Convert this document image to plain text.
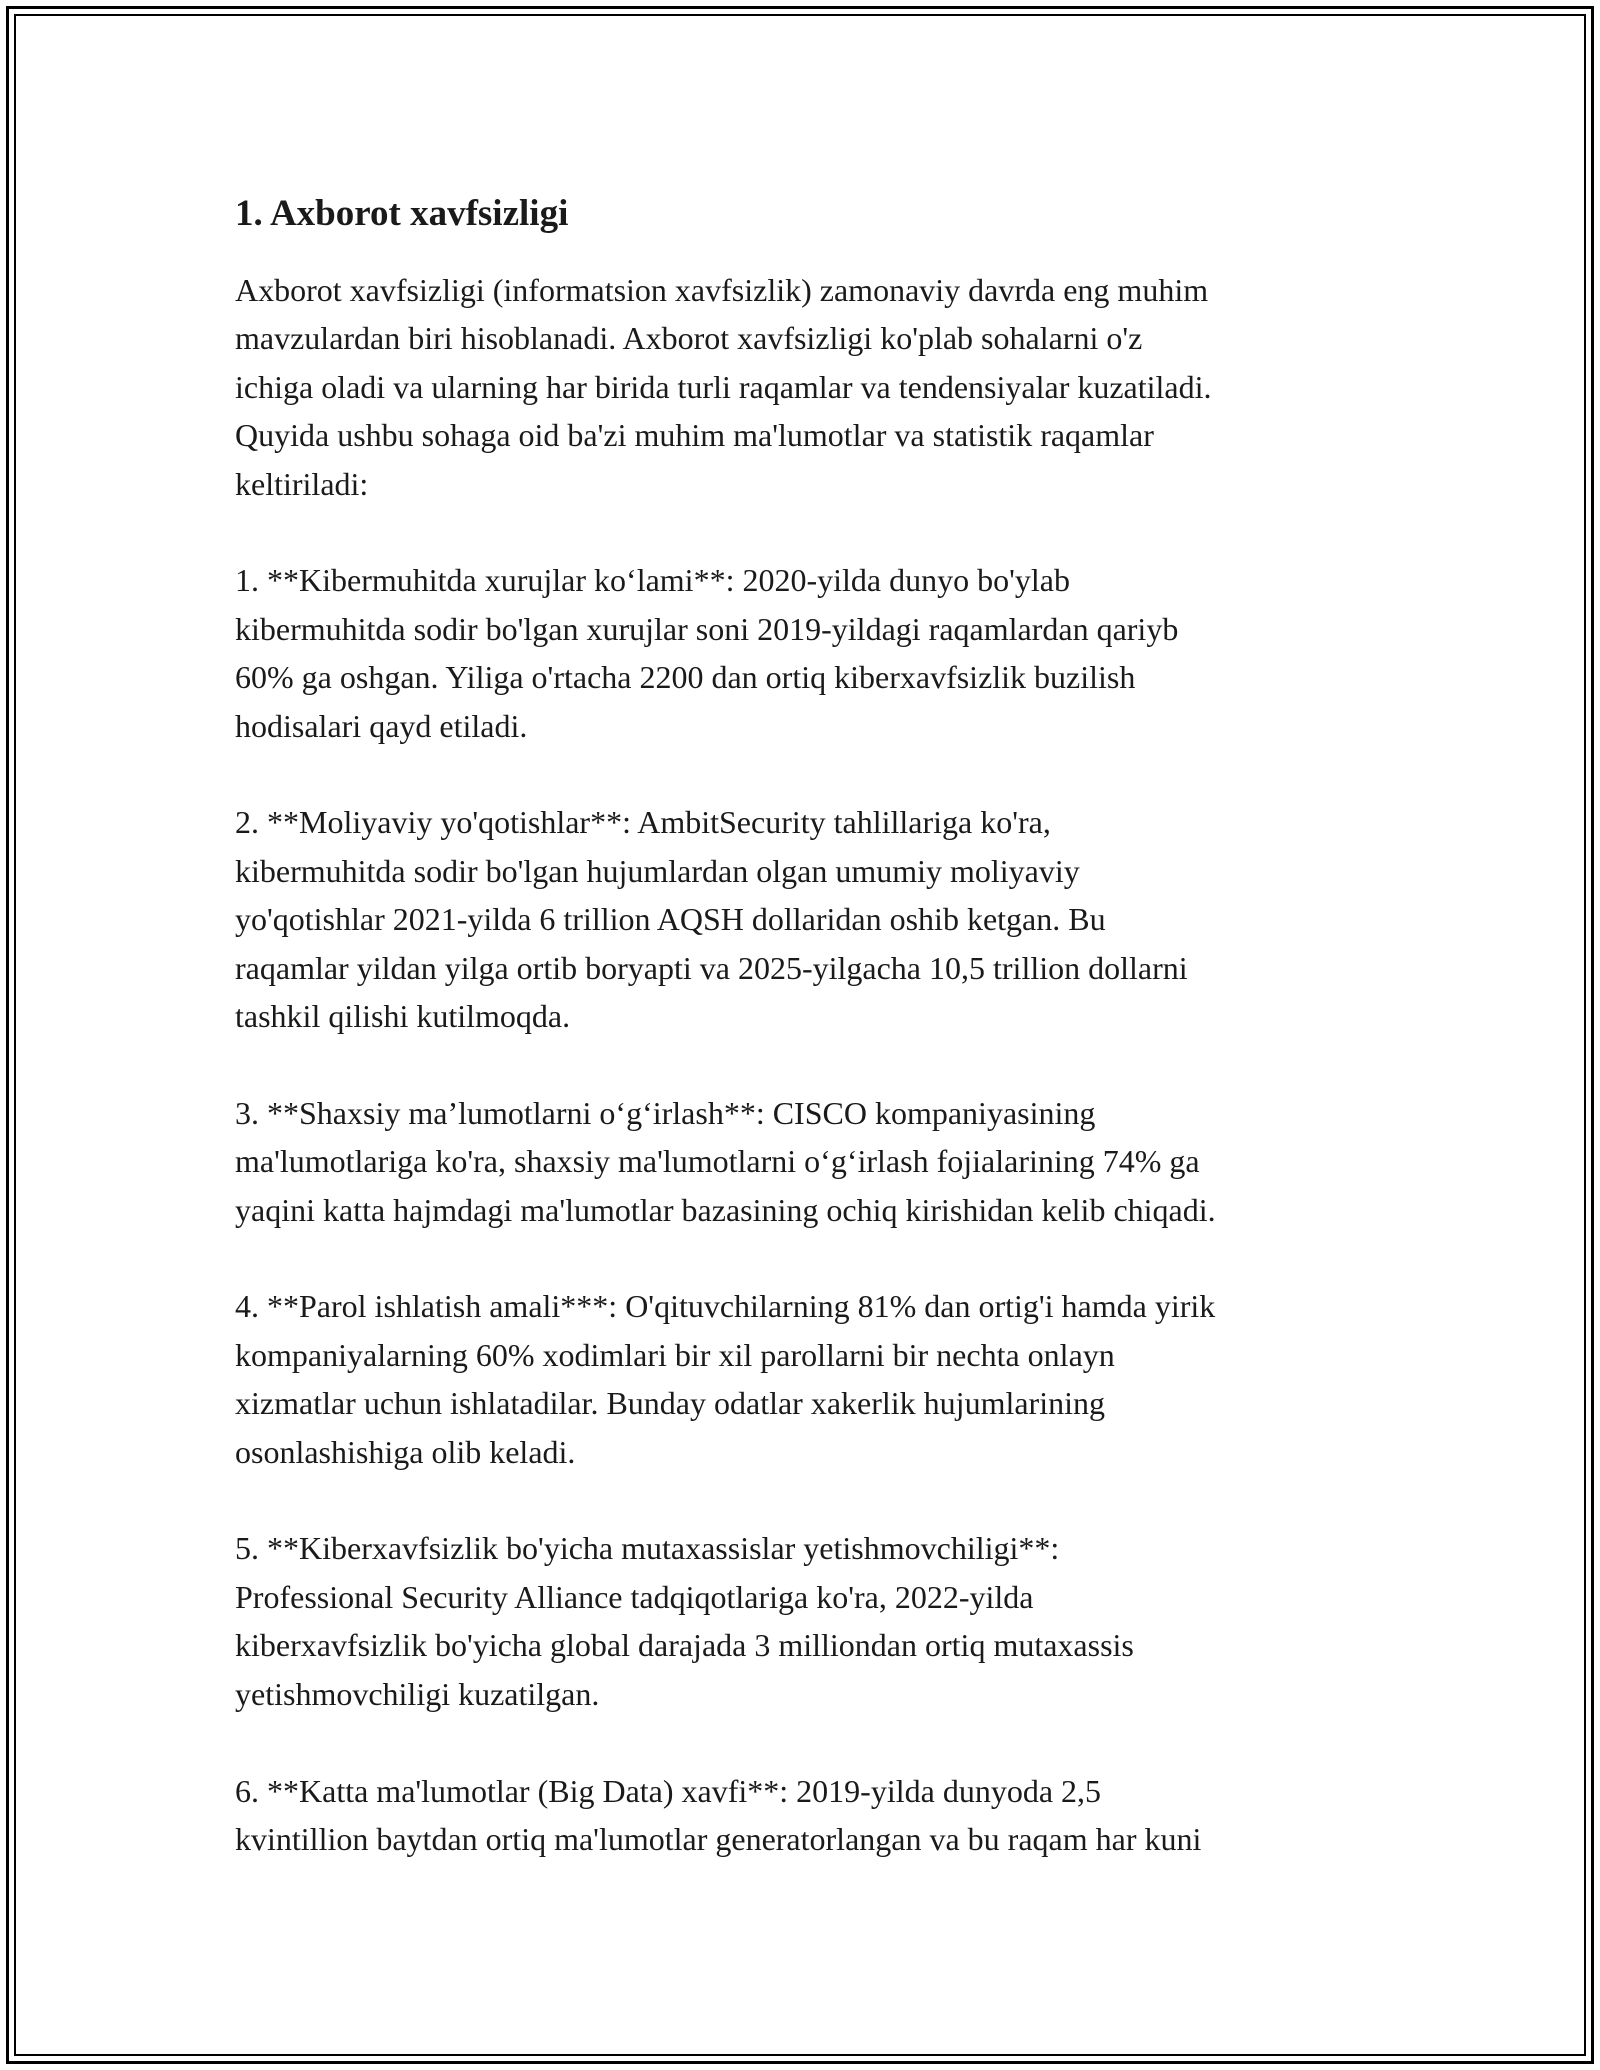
1. Axborot xavfsizligi

Axborot xavfsizligi (informatsion xavfsizlik) zamonaviy davrda eng muhim
mavzulardan biri hisoblanadi. Axborot xavfsizligi ko'plab sohalarni o'z
ichiga oladi va ularning har birida turli raqamlar va tendensiyalar kuzatiladi.
Quyida ushbu sohaga oid ba'zi muhim ma'lumotlar va statistik raqamlar
keltiriladi:

1. **Kibermuhitda xurujlar ko‘lami**: 2020-yilda dunyo bo'ylab
kibermuhitda sodir bo'lgan xurujlar soni 2019-yildagi raqamlardan qariyb
60% ga oshgan. Yiliga o'rtacha 2200 dan ortiq kiberxavfsizlik buzilish
hodisalari qayd etiladi.

2. **Moliyaviy yo'qotishlar**: AmbitSecurity tahlillariga ko'ra,
kibermuhitda sodir bo'lgan hujumlardan olgan umumiy moliyaviy
yo'qotishlar 2021-yilda 6 trillion AQSH dollaridan oshib ketgan. Bu
raqamlar yildan yilga ortib boryapti va 2025-yilgacha 10,5 trillion dollarni
tashkil qilishi kutilmoqda.

3. **Shaxsiy ma’lumotlarni o‘g‘irlash**: CISCO kompaniyasining
ma'lumotlariga ko'ra, shaxsiy ma'lumotlarni o‘g‘irlash fojialarining 74% ga
yaqini katta hajmdagi ma'lumotlar bazasining ochiq kirishidan kelib chiqadi.

4. **Parol ishlatish amali***: O'qituvchilarning 81% dan ortig'i hamda yirik
kompaniyalarning 60% xodimlari bir xil parollarni bir nechta onlayn
xizmatlar uchun ishlatadilar. Bunday odatlar xakerlik hujumlarining
osonlashishiga olib keladi.

5. **Kiberxavfsizlik bo'yicha mutaxassislar yetishmovchiligi**:
Professional Security Alliance tadqiqotlariga ko'ra, 2022-yilda
kiberxavfsizlik bo'yicha global darajada 3 milliondan ortiq mutaxassis
yetishmovchiligi kuzatilgan.

6. **Katta ma'lumotlar (Big Data) xavfi**: 2019-yilda dunyoda 2,5
kvintillion baytdan ortiq ma'lumotlar generatorlangan va bu raqam har kuni
